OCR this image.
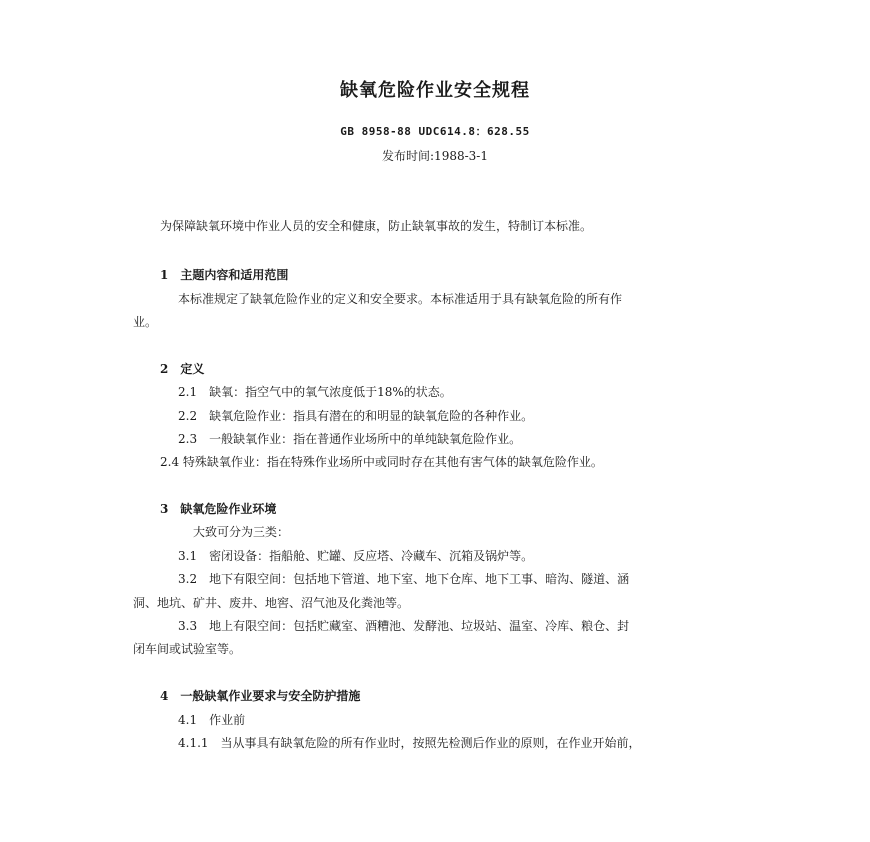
缺氧危险作业安全规程
GB 8958-88 UDC614.8：628.55
发布时间:1988-3-1
为保障缺氧环境中作业人员的安全和健康，防止缺氧事故的发生，特制订本标准。
1　主题内容和适用范围
本标准规定了缺氧危险作业的定义和安全要求。本标准适用于具有缺氧危险的所有作
业。
2　定义
2.1　缺氧：指空气中的氧气浓度低于18%的状态。
2.2　缺氧危险作业：指具有潜在的和明显的缺氧危险的各种作业。
2.3　一般缺氧作业：指在普通作业场所中的单纯缺氧危险作业。
2.4 特殊缺氧作业：指在特殊作业场所中或同时存在其他有害气体的缺氧危险作业。
3　缺氧危险作业环境
大致可分为三类：
3.1　密闭设备：指船舱、贮罐、反应塔、冷藏车、沉箱及锅炉等。
3.2　地下有限空间：包括地下管道、地下室、地下仓库、地下工事、暗沟、隧道、涵
洞、地坑、矿井、废井、地窖、沼气池及化粪池等。
3.3　地上有限空间：包括贮藏室、酒糟池、发酵池、垃圾站、温室、冷库、粮仓、封
闭车间或试验室等。
4　一般缺氧作业要求与安全防护措施
4.1　作业前
4.1.1　当从事具有缺氧危险的所有作业时，按照先检测后作业的原则，在作业开始前，
